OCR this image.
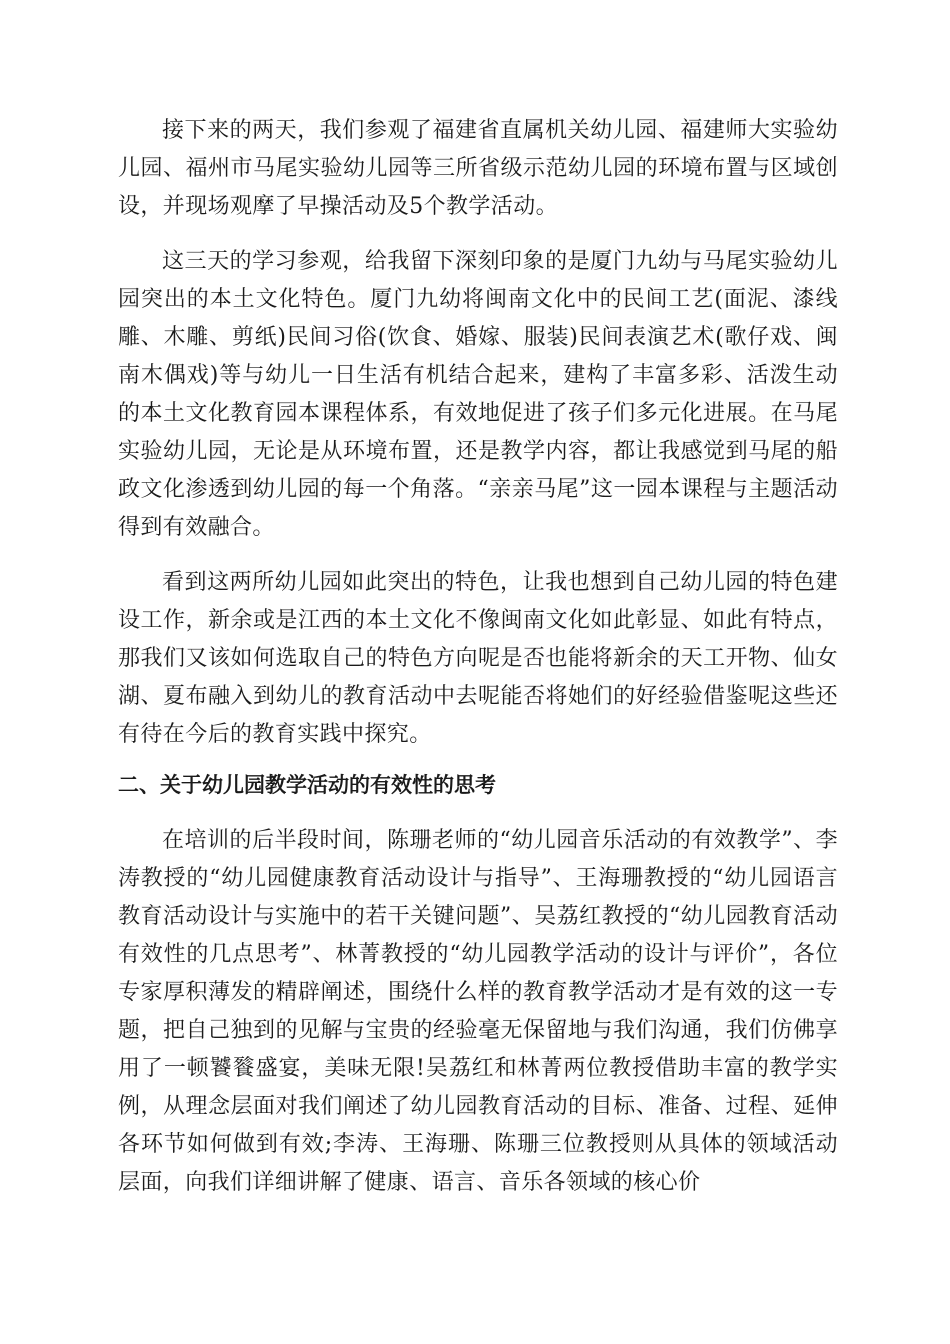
接下来的两天，我们参观了福建省直属机关幼儿园、福建师大实验幼儿园、福州市马尾实验幼儿园等三所省级示范幼儿园的环境布置与区域创设，并现场观摩了早操活动及5个教学活动。

这三天的学习参观，给我留下深刻印象的是厦门九幼与马尾实验幼儿园突出的本土文化特色。厦门九幼将闽南文化中的民间工艺(面泥、漆线雕、木雕、剪纸)民间习俗(饮食、婚嫁、服装)民间表演艺术(歌仔戏、闽南木偶戏)等与幼儿一日生活有机结合起来，建构了丰富多彩、活泼生动的本土文化教育园本课程体系，有效地促进了孩子们多元化进展。在马尾实验幼儿园，无论是从环境布置，还是教学内容，都让我感觉到马尾的船政文化渗透到幼儿园的每一个角落。“亲亲马尾”这一园本课程与主题活动得到有效融合。

看到这两所幼儿园如此突出的特色，让我也想到自己幼儿园的特色建设工作，新余或是江西的本土文化不像闽南文化如此彰显、如此有特点，那我们又该如何选取自己的特色方向呢是否也能将新余的天工开物、仙女湖、夏布融入到幼儿的教育活动中去呢能否将她们的好经验借鉴呢这些还有待在今后的教育实践中探究。

二、关于幼儿园教学活动的有效性的思考

在培训的后半段时间，陈珊老师的“幼儿园音乐活动的有效教学”、李涛教授的“幼儿园健康教育活动设计与指导”、王海珊教授的“幼儿园语言教育活动设计与实施中的若干关键问题”、吴荔红教授的“幼儿园教育活动有效性的几点思考”、林菁教授的“幼儿园教学活动的设计与评价”，各位专家厚积薄发的精辟阐述，围绕什么样的教育教学活动才是有效的这一专题，把自己独到的见解与宝贵的经验毫无保留地与我们沟通，我们仿佛享用了一顿饕餮盛宴，美味无限!吴荔红和林菁两位教授借助丰富的教学实例，从理念层面对我们阐述了幼儿园教育活动的目标、准备、过程、延伸各环节如何做到有效;李涛、王海珊、陈珊三位教授则从具体的领域活动层面，向我们详细讲解了健康、语言、音乐各领域的核心价
